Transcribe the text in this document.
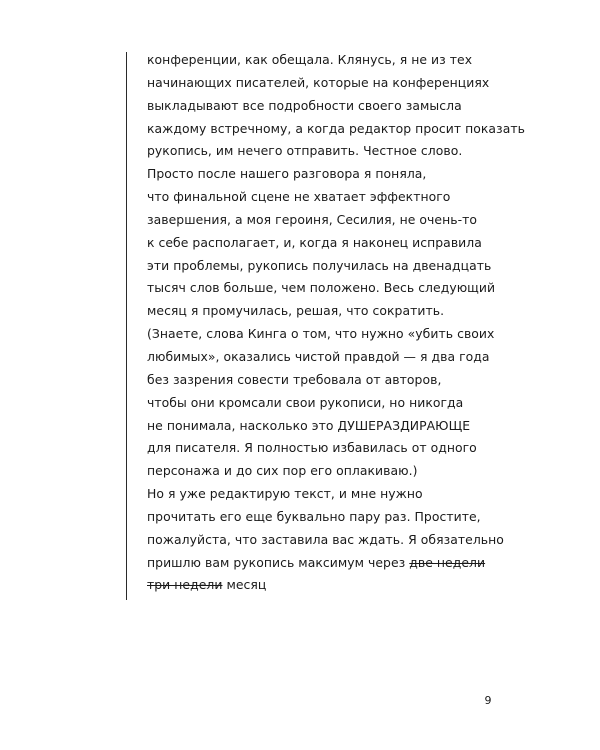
конференции, как обещала. Клянусь, я не из тех
начинающих писателей, которые на конференциях
выкладывают все подробности своего замысла
каждому встречному, а когда редактор просит показать
рукопись, им нечего отправить. Честное слово.
Просто после нашего разговора я поняла,
что финальной сцене не хватает эффектного
завершения, а моя героиня, Сесилия, не очень-то
к себе располагает, и, когда я наконец исправила
эти проблемы, рукопись получилась на двенадцать
тысяч слов больше, чем положено. Весь следующий
месяц я промучилась, решая, что сократить.
(Знаете, слова Кинга о том, что нужно «убить своих
любимых», оказались чистой правдой — я два года
без зазрения совести требовала от авторов,
чтобы они кромсали свои рукописи, но никогда
не понимала, насколько это ДУШЕРАЗДИРАЮЩЕ
для писателя. Я полностью избавилась от одного
персонажа и до сих пор его оплакиваю.)
Но я уже редактирую текст, и мне нужно
прочитать его еще буквально пару раз. Простите,
пожалуйста, что заставила вас ждать. Я обязательно
пришлю вам рукопись максимум через две недели
три недели месяц
9
